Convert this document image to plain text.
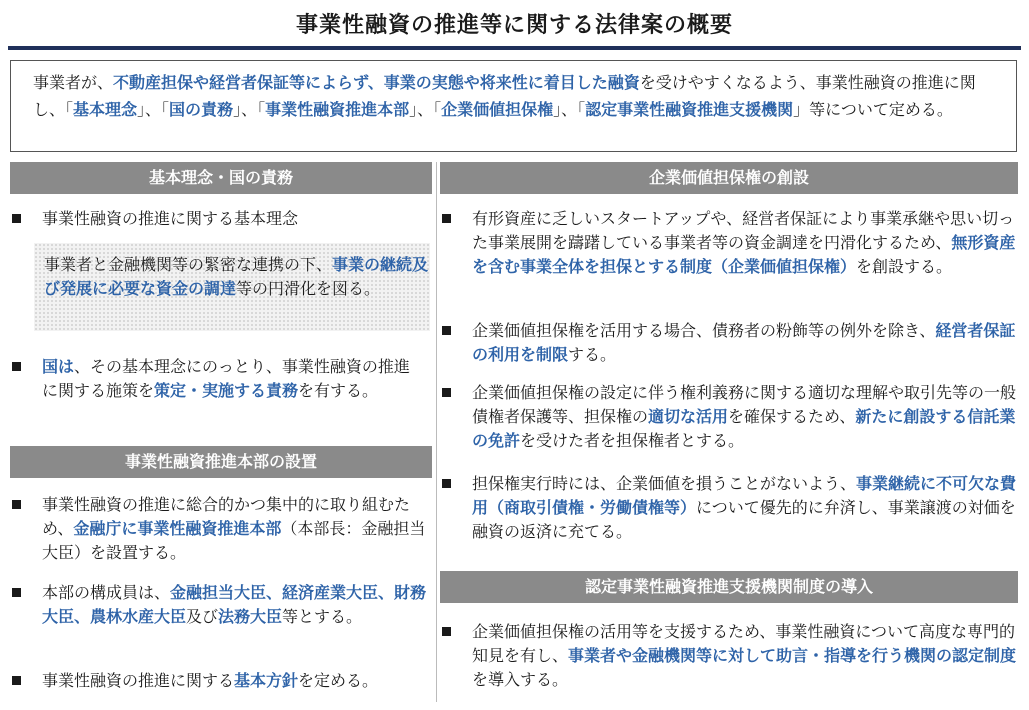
事業性融資の推進等に関する法律案の概要
事業者が、不動産担保や経営者保証等によらず、事業の実態や将来性に着目した融資を受けやすくなるよう、事業性融資の推進に関し、「基本理念」、「国の責務」、「事業性融資推進本部」、「企業価値担保権」、「認定事業性融資推進支援機関」等について定める。
基本理念・国の責務
事業性融資の推進に関する基本理念
事業者と金融機関等の緊密な連携の下、事業の継続及び発展に必要な資金の調達等の円滑化を図る。
国は、その基本理念にのっとり、事業性融資の推進に関する施策を策定・実施する責務を有する。
事業性融資推進本部の設置
事業性融資の推進に総合的かつ集中的に取り組むため、金融庁に事業性融資推進本部（本部長：金融担当大臣）を設置する。
本部の構成員は、金融担当大臣、経済産業大臣、財務大臣、農林水産大臣及び法務大臣等とする。
事業性融資の推進に関する基本方針を定める。
企業価値担保権の創設
有形資産に乏しいスタートアップや、経営者保証により事業承継や思い切った事業展開を躊躇している事業者等の資金調達を円滑化するため、無形資産を含む事業全体を担保とする制度（企業価値担保権）を創設する。
企業価値担保権を活用する場合、債務者の粉飾等の例外を除き、経営者保証の利用を制限する。
企業価値担保権の設定に伴う権利義務に関する適切な理解や取引先等の一般債権者保護等、担保権の適切な活用を確保するため、新たに創設する信託業の免許を受けた者を担保権者とする。
担保権実行時には、企業価値を損うことがないよう、事業継続に不可欠な費用（商取引債権・労働債権等）について優先的に弁済し、事業譲渡の対価を融資の返済に充てる。
認定事業性融資推進支援機関制度の導入
企業価値担保権の活用等を支援するため、事業性融資について高度な専門的知見を有し、事業者や金融機関等に対して助言・指導を行う機関の認定制度を導入する。
